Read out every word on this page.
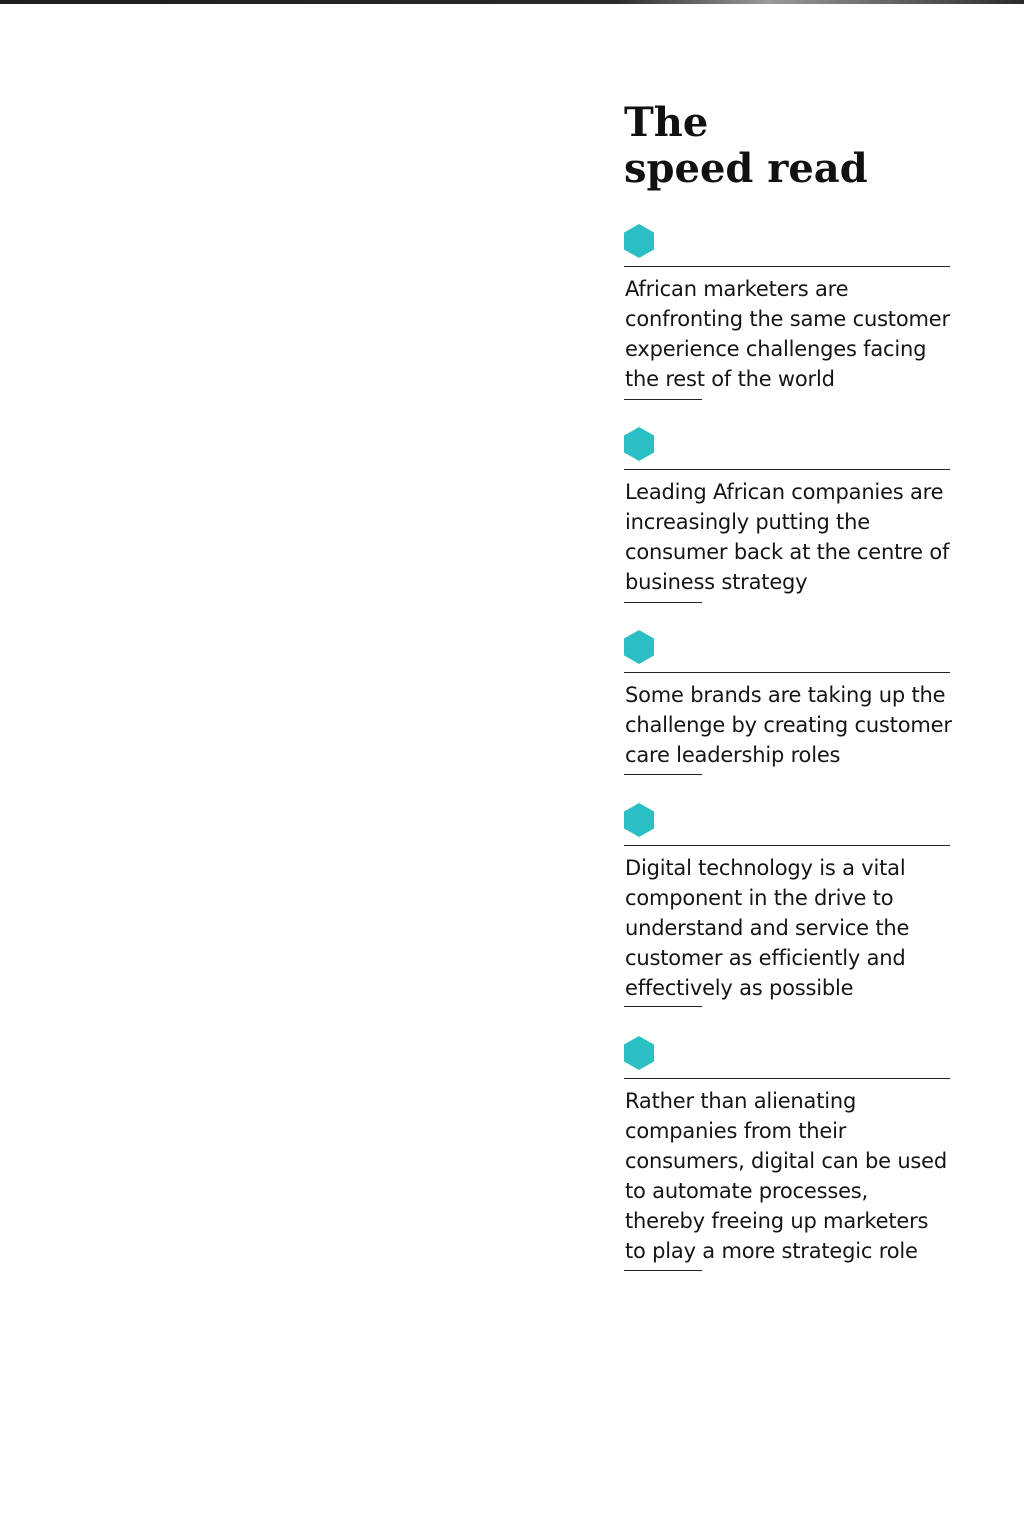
The
speed read

African marketers are confronting the same customer experience challenges facing the rest of the world

Leading African companies are increasingly putting the consumer back at the centre of business strategy

Some brands are taking up the challenge by creating customer care leadership roles

Digital technology is a vital component in the drive to understand and service the customer as efficiently and effectively as possible

Rather than alienating companies from their consumers, digital can be used to automate processes, thereby freeing up marketers to play a more strategic role
